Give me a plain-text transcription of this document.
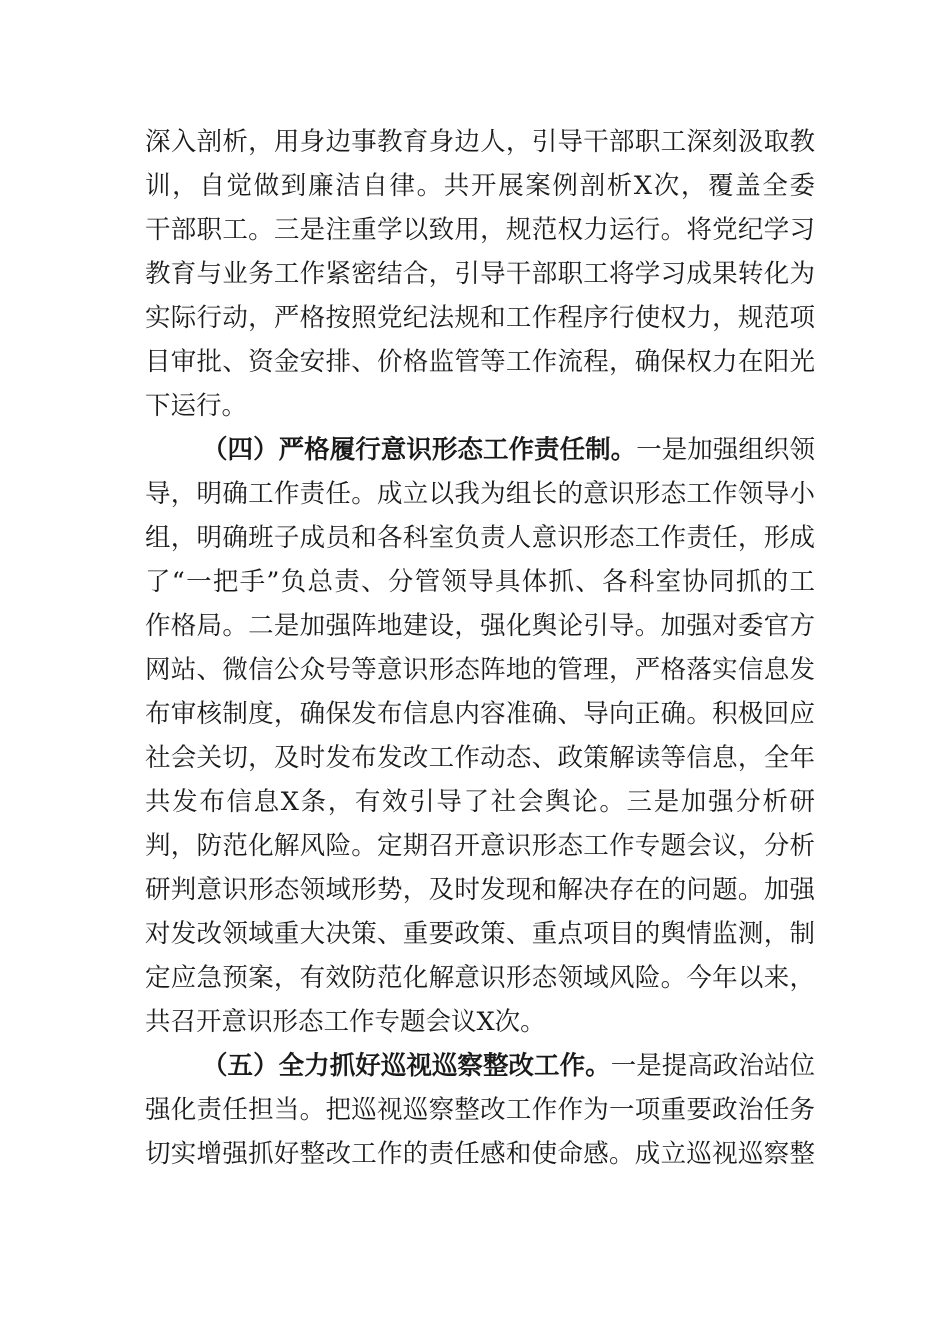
深入剖析，用身边事教育身边人，引导干部职工深刻汲取教
训，自觉做到廉洁自律。共开展案例剖析X次，覆盖全委
干部职工。三是注重学以致用，规范权力运行。将党纪学习
教育与业务工作紧密结合，引导干部职工将学习成果转化为
实际行动，严格按照党纪法规和工作程序行使权力，规范项
目审批、资金安排、价格监管等工作流程，确保权力在阳光
下运行。
（四）严格履行意识形态工作责任制。一是加强组织领
导，明确工作责任。成立以我为组长的意识形态工作领导小
组，明确班子成员和各科室负责人意识形态工作责任，形成
了“一把手”负总责、分管领导具体抓、各科室协同抓的工
作格局。二是加强阵地建设，强化舆论引导。加强对委官方
网站、微信公众号等意识形态阵地的管理，严格落实信息发
布审核制度，确保发布信息内容准确、导向正确。积极回应
社会关切，及时发布发改工作动态、政策解读等信息，全年
共发布信息X条，有效引导了社会舆论。三是加强分析研
判，防范化解风险。定期召开意识形态工作专题会议，分析
研判意识形态领域形势，及时发现和解决存在的问题。加强
对发改领域重大决策、重要政策、重点项目的舆情监测，制
定应急预案，有效防范化解意识形态领域风险。今年以来，
共召开意识形态工作专题会议X次。
（五）全力抓好巡视巡察整改工作。一是提高政治站位
强化责任担当。把巡视巡察整改工作作为一项重要政治任务
切实增强抓好整改工作的责任感和使命感。成立巡视巡察整
